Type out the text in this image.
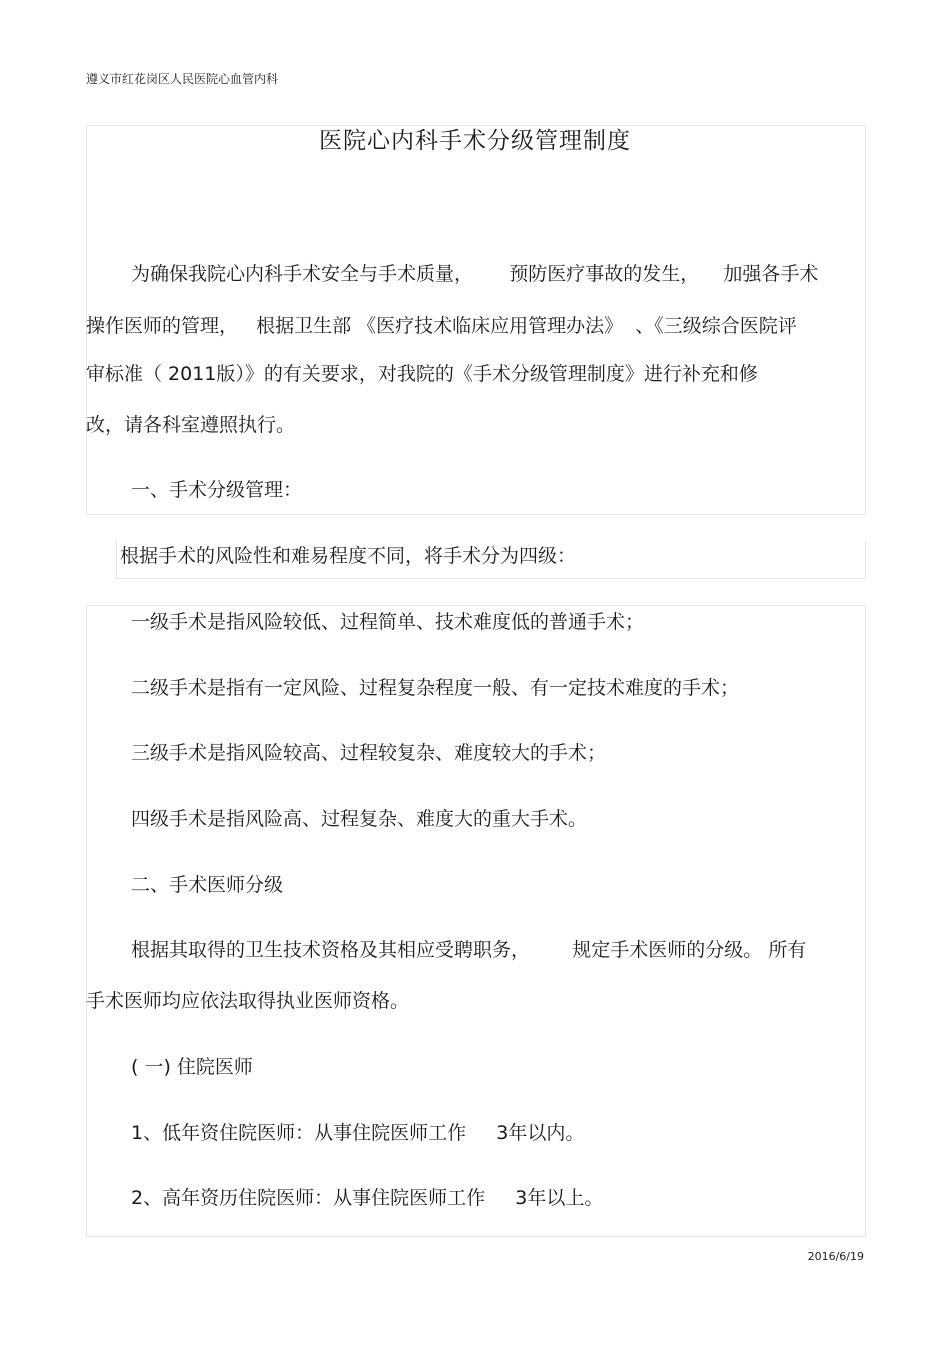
遵义市红花岗区人民医院心血管内科
医院心内科手术分级管理制度
为确保我院心内科手术安全与手术质量，      预防医疗事故的发生，    加强各手术
操作医师的管理，   根据卫生部 《医疗技术临床应用管理办法》  、《三级综合医院评
审标准（ 2011版）》的有关要求，对我院的《手术分级管理制度》进行补充和修
改，请各科室遵照执行。
一、手术分级管理：
根据手术的风险性和难易程度不同，将手术分为四级：
一级手术是指风险较低、过程简单、技术难度低的普通手术；
二级手术是指有一定风险、过程复杂程度一般、有一定技术难度的手术；
三级手术是指风险较高、过程较复杂、难度较大的手术；
四级手术是指风险高、过程复杂、难度大的重大手术。
二、手术医师分级
根据其取得的卫生技术资格及其相应受聘职务，       规定手术医师的分级。 所有
手术医师均应依法取得执业医师资格。
( 一) 住院医师
1、低年资住院医师：从事住院医师工作     3年以内。
2、高年资历住院医师：从事住院医师工作     3年以上。
2016/6/19
